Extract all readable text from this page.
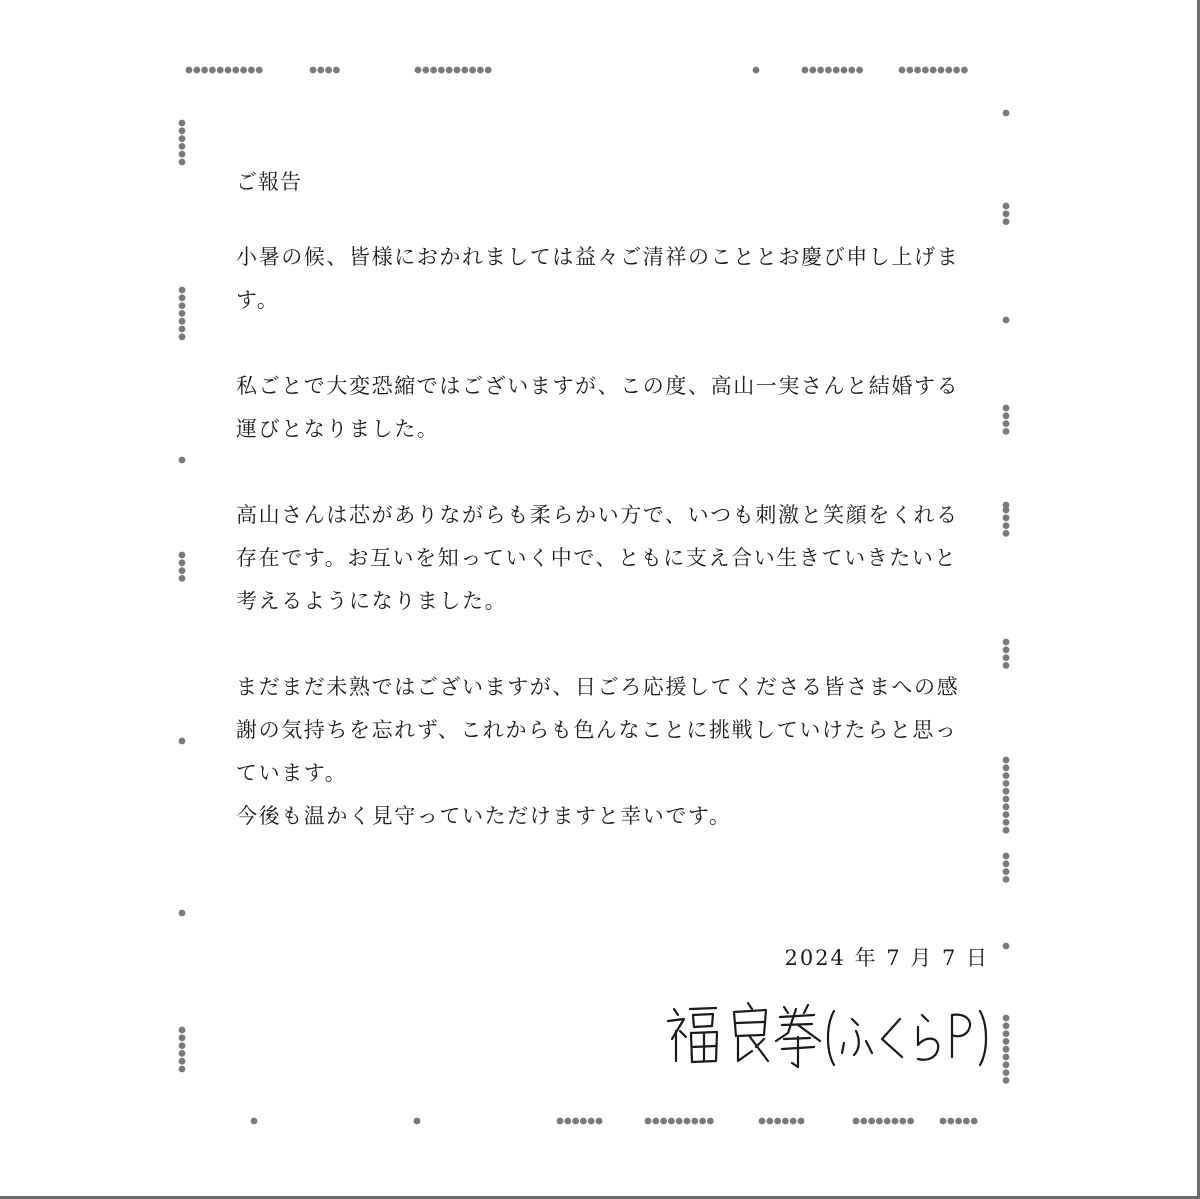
ご報告

小暑の候、皆様におかれましては益々ご清祥のこととお慶び申し上げます。

私ごとで大変恐縮ではございますが、この度、高山一実さんと結婚する運びとなりました。

高山さんは芯がありながらも柔らかい方で、いつも刺激と笑顔をくれる存在です。お互いを知っていく中で、ともに支え合い生きていきたいと考えるようになりました。

まだまだ未熟ではございますが、日ごろ応援してくださる皆さまへの感謝の気持ちを忘れず、これからも色んなことに挑戦していけたらと思っています。

今後も温かく見守っていただけますと幸いです。

2024 年 7 月 7 日
